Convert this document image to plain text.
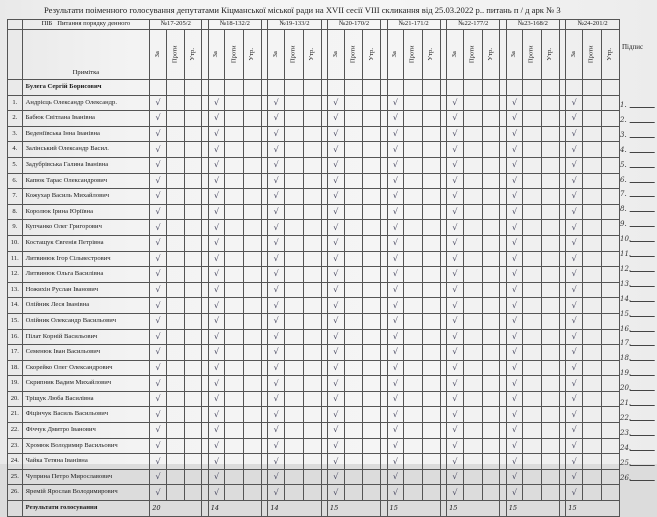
Результати поіменного голосування депутатами Кіцманської міської ради на XVII сесії VIII скликання від 25.03.2022 р.. питань п / д арк № 3
	ПІБ Питання порядку денного	№17-205/2				№18-132/2				№19-133/2				№20-170/2				№21-171/2				№22-177/2				№23-168/2				№24-201/2		
	Примітка	За	Проти	Утр.		За	Проти	Утр.		За	Проти	Утр.		За	Проти	Утр.		За	Проти	Утр.		За	Проти	Утр.		За	Проти	Утр.		За	Проти	Утр.
	Булега Сергій Борисович																															
1.	Андрієць Олександр Олександр.	√				√				√				√				√				√				√				√		

2.	Бабюк Світлана Іванівна	√				√				√				√				√				√				√				√		

3.	Веденіївська Інна Іванівна	√				√				√				√				√				√				√				√		

4.	Залінський Олександр Васил.	√				√				√				√				√				√				√				√		

5.	Задубрівська Галина Іванівна	√				√				√				√				√				√				√				√		

6.	Капюк Тарас Олександрович	√				√				√				√				√				√				√				√		

7.	Кожухар Василь Михайлович	√				√				√				√				√				√				√				√		

8.	Королюк Ірина Юріївна	√				√				√				√				√				√				√				√		

9.	Купчанко Олег Григорович	√				√				√				√				√				√				√				√		

10.	Костащук Євгенія Петрівна	√				√				√				√				√				√				√				√		

11.	Литвинюк Ігор Сільвестрович	√				√				√				√				√				√				√				√		

12.	Литвинюк Ольга Василівна	√				√				√				√				√				√				√				√		

13.	Ножихін Руслан Іванович	√				√				√				√				√				√				√				√		

14.	Олійник Леся Іванівна	√				√				√				√				√				√				√				√		

15.	Олійник Олександр Васильович	√				√				√				√				√				√				√				√		

16.	Пілат Корній Васильович	√				√				√				√				√				√				√				√		

17.	Семенюк Іван Васильович	√				√				√				√				√				√				√				√		

18.	Скорейко Олег Олександрович	√				√				√				√				√				√				√				√		

19.	Скрипник Вадим Михайлович	√				√				√				√				√				√				√				√		

20.	Тріщук Люба Василівна	√				√				√				√				√				√				√				√		

21.	Фіцінчук Василь Васильович	√				√				√				√				√				√				√				√		

22.	Фіччук Дмитро Іванович	√				√				√				√				√				√				√				√		

23.	Хромюк Володимир Васильович	√				√				√				√				√				√				√				√		

24.	Чайка Тетяна Іванівна	√				√				√				√				√				√				√				√		

25.	Чуприна Петро Мирославович	√				√				√				√				√				√				√				√		

26.	Яремій Ярослав Володимирович	√				√				√				√				√				√				√				√		

	Результати голосування	20				14				14				15				15				15				15				15		
Підпис
1.
2.
3.
4.
5.
6.
7.
8.
9.
10.
11.
12.
13.
14.
15.
16.
17.
18.
19.
20.
21.
22.
23.
24.
25.
26.
